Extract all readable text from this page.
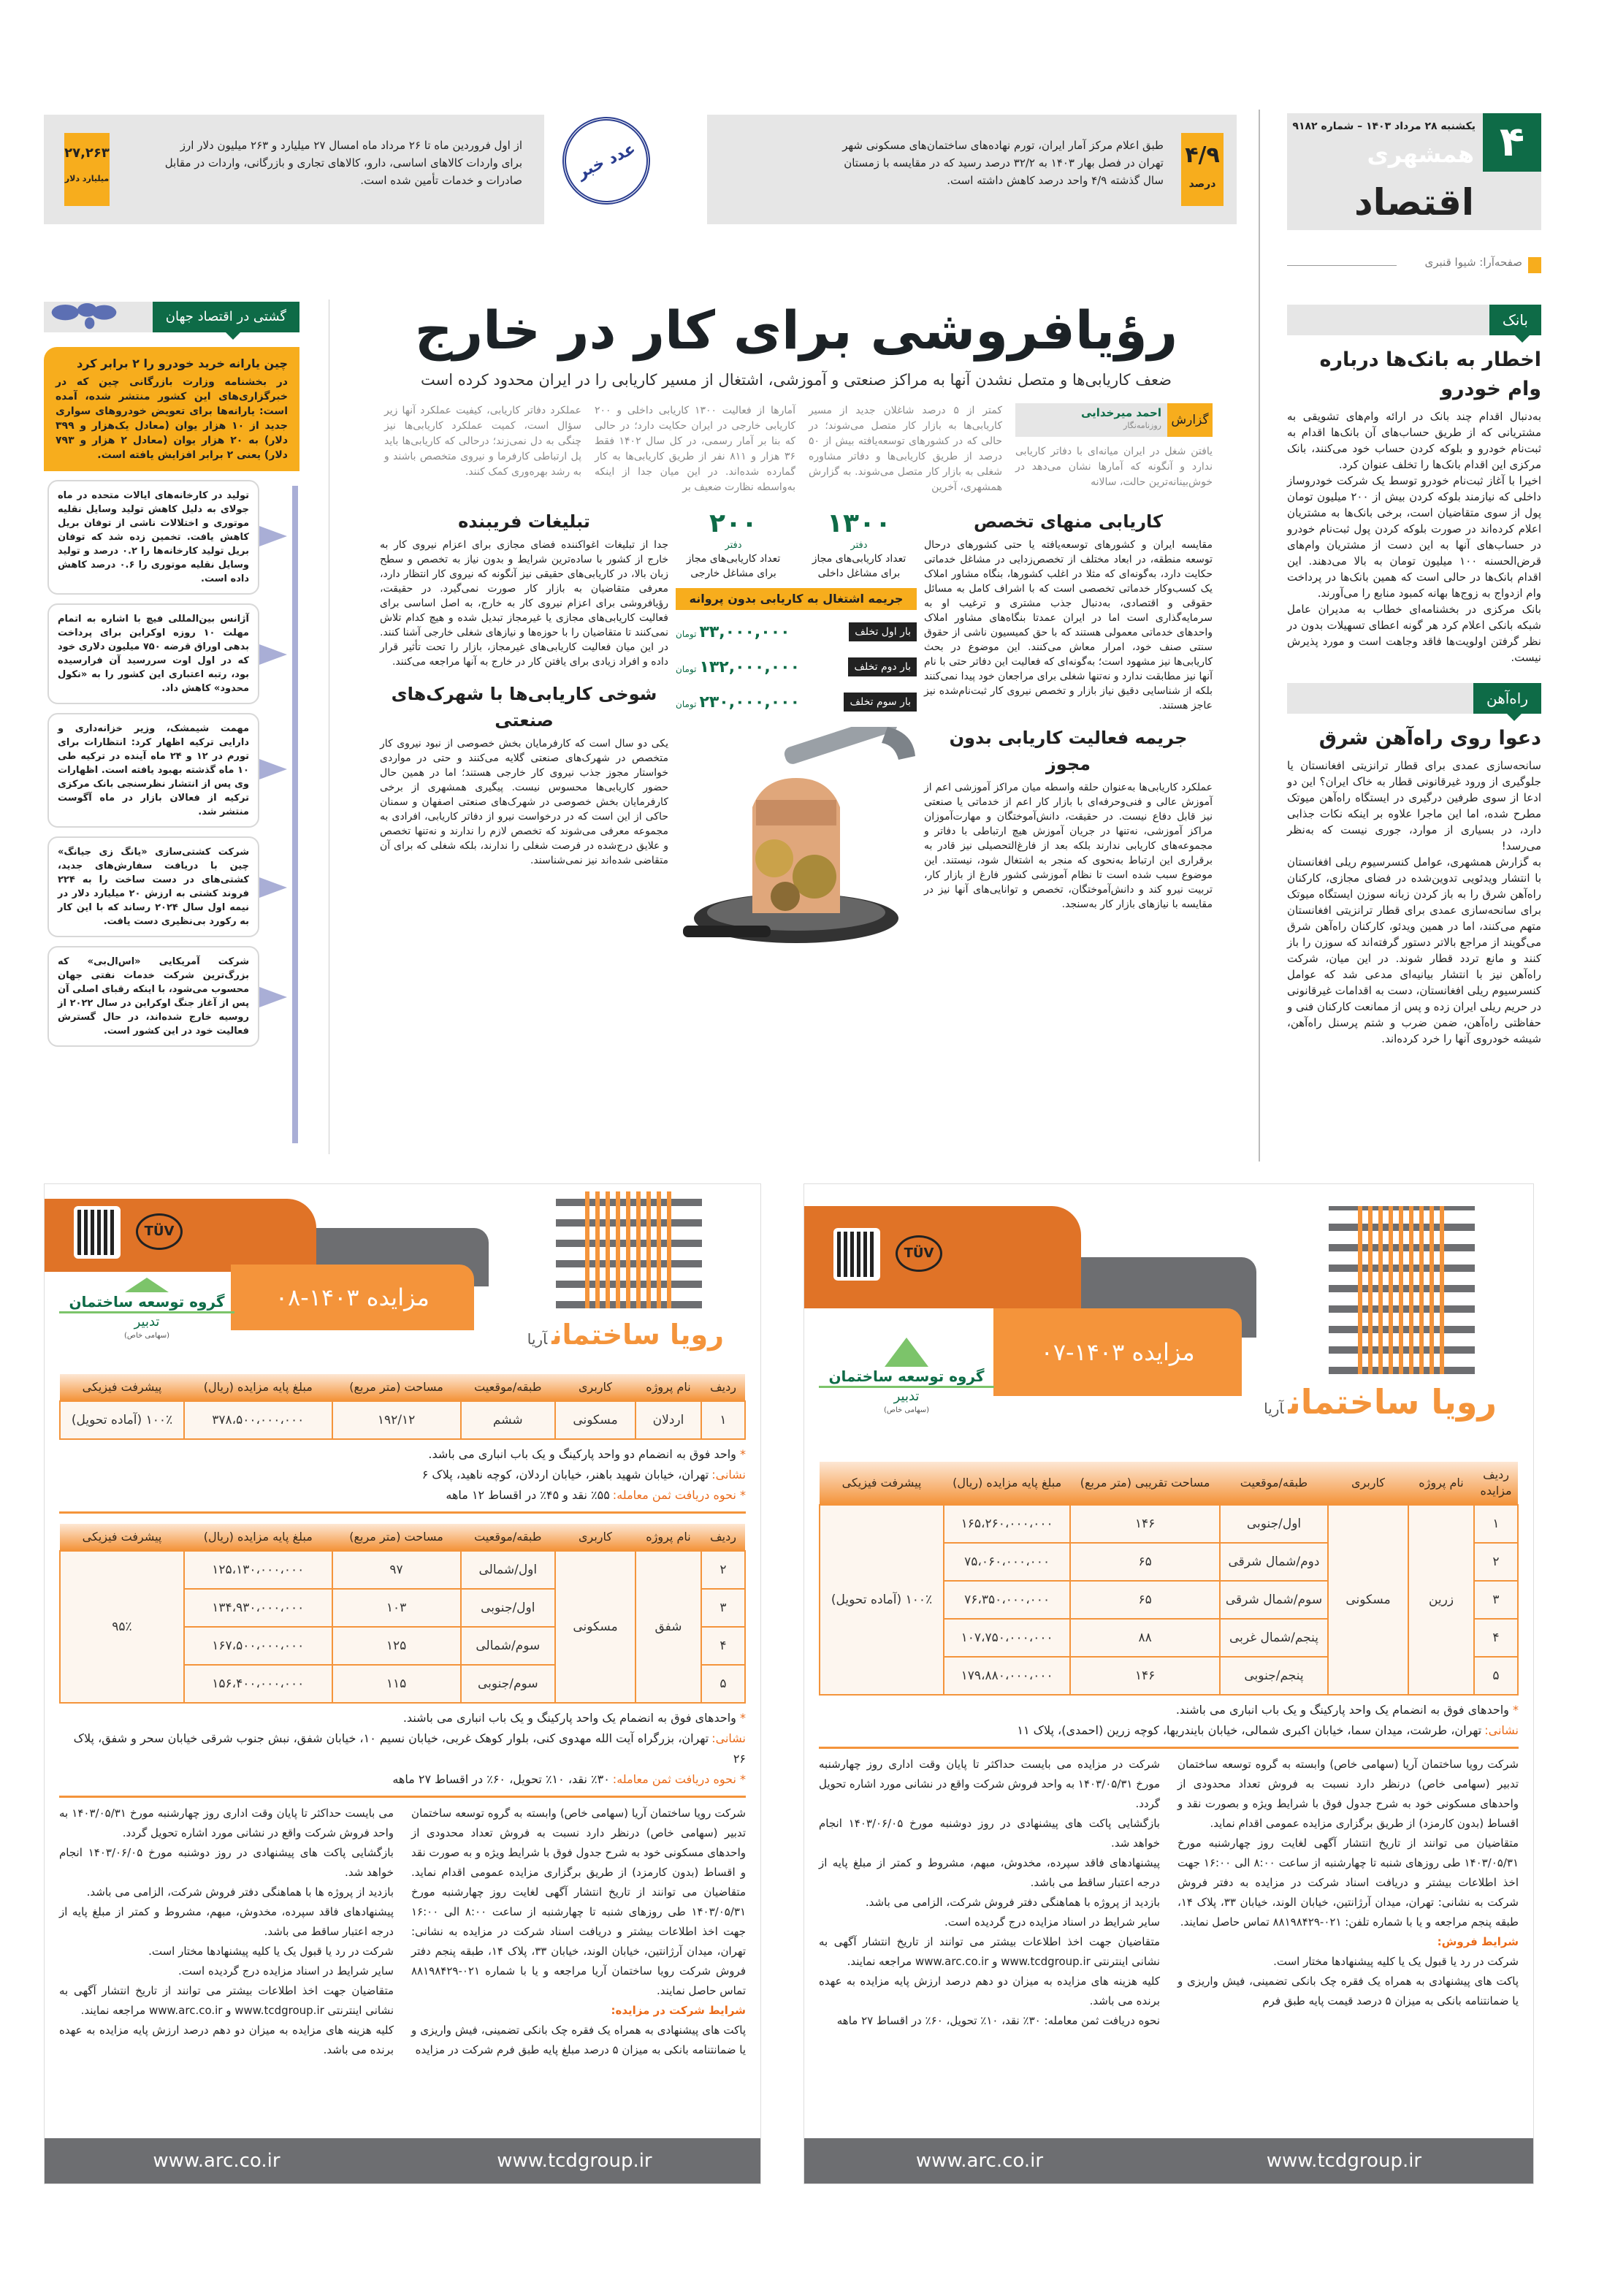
۴
یکشنبه ۲۸ مرداد ۱۴۰۳ – شماره ۹۱۸۲
همشهری
اقتصاد
صفحه‌آرا: شیوا قنبری
۴/۹
درصد
طبق اعلام مرکز آمار ایران، تورم نهاده‌های ساختمان‌های مسکونی شهر تهران در فصل بهار ۱۴۰۳ به ۳۲/۲ درصد رسید که در مقایسه با زمستان سال گذشته ۴/۹ واحد درصد کاهش داشته است.
عدد خبر
۲۷,۲۶۳
میلیارد دلار
از اول فروردین ماه تا ۲۶ مرداد ماه امسال ۲۷ میلیارد و ۲۶۳ میلیون دلار ارز برای واردات کالاهای اساسی، دارو، کالاهای تجاری و بازرگانی، واردات در مقابل صادرات و خدمات تأمین شده است.
بانک
اخطار به بانک‌ها درباره وام خودرو

به‌دنبال اقدام چند بانک در ارائه وام‌های تشویقی به مشتریانی که از طریق حساب‌های آن بانک‌ها اقدام به ثبت‌نام خودرو و بلوکه کردن حساب خود می‌کنند، بانک مرکزی این اقدام بانک‌ها را تخلف عنوان کرد.

اخیرا با آغاز ثبت‌نام خودرو توسط یک شرکت خودروساز داخلی که نیازمند بلوکه کردن بیش از ۲۰۰ میلیون تومان پول از سوی متقاضیان است، برخی بانک‌ها به مشتریان اعلام کرده‌اند در صورت بلوکه کردن پول ثبت‌نام خودرو در حساب‌های آنها به این دست از مشتریان وام‌های قرض‌الحسنه ۱۰۰ میلیون تومان به بالا می‌دهند. این اقدام بانک‌ها در حالی است که همین بانک‌ها در پرداخت وام ازدواج به زوج‌ها بهانه کمبود منابع را می‌آورند.

بانک مرکزی در بخشنامه‌ای خطاب به مدیران عامل شبکه بانکی اعلام کرد هر گونه اعطای تسهیلات بدون در نظر گرفتن اولویت‌ها فاقد وجاهت است و مورد پذیرش نیست.

راه‌آهن
دعوا روی راه‌آهن شرق

سانحه‌سازی عمدی برای قطار ترانزیتی افغانستان یا جلوگیری از ورود غیرقانونی قطار به خاک ایران؟ این دو ادعا از سوی طرفین درگیری در ایستگاه راه‌آهن میوتک مطرح شده، اما این ماجرا علاوه بر اینکه نکات جذابی دارد، در بسیاری از موارد، جوری نیست که به‌نظر می‌رسد!

به گزارش همشهری، عوامل کنسرسیوم ریلی افغانستان با انتشار ویدئویی تدوین‌شده در فضای مجازی، کارکنان راه‌آهن شرق را به باز کردن زبانه سوزن ایستگاه میوتک برای سانحه‌سازی عمدی برای قطار ترانزیتی افغانستان متهم می‌کنند، اما در همین ویدئو، کارکنان راه‌آهن شرق می‌گویند از مراجع بالاتر دستور گرفته‌اند که سوزن را باز کنند و مانع تردد قطار شوند. در این میان، شرکت راه‌آهن نیز با انتشار بیانیه‌ای مدعی شد که عوامل کنسرسیوم ریلی افغانستان، دست به اقدامات غیرقانونی در حریم ریلی ایران زده و پس از ممانعت کارکنان فنی و حفاظتی راه‌آهن، ضمن ضرب و شتم پرسنل راه‌آهن، شیشه خودروی آنها را خرد کرده‌اند.

رؤیافروشی برای کار در خارج
ضعف کاریابی‌ها و متصل نشدن آنها به مراکز صنعتی و آموزشی، اشتغال از مسیر کاریابی را در ایران محدود کرده است
گزارش
احمد میرخدایی
روزنامه‌نگار

یافتن شغل در ایران میانه‌ای با دفاتر کاریابی ندارد و آنگونه که آمارها نشان می‌دهد در خوش‌بینانه‌ترین حالت، سالانه

کمتر از ۵ درصد شاغلان جدید از مسیر کاریابی‌ها به بازار کار متصل می‌شوند؛ در حالی که در کشورهای توسعه‌یافته بیش از ۵۰ درصد از طریق کاریابی‌ها و دفاتر مشاوره شغلی به بازار کار متصل می‌شوند. به گزارش همشهری، آخرین

آمارها از فعالیت ۱۳۰۰ کاریابی داخلی و ۲۰۰ کاریابی خارجی در ایران حکایت دارد؛ در حالی که بنا بر آمار رسمی، در کل سال ۱۴۰۲ فقط ۳۶ هزار و ۸۱۱ نفر از طریق کاریابی‌ها به کار گمارده شده‌اند. در این میان جدا از اینکه به‌واسطه نظارت ضعیف بر

عملکرد دفاتر کاریابی، کیفیت عملکرد آنها زیر سؤال است، کمیت عملکرد کاریابی‌ها نیز چنگی به دل نمی‌زند؛ درحالی که کاریابی‌ها باید پل ارتباطی کارفرما و نیروی متخصص باشند و به رشد بهره‌وری کمک کنند.

کاریابی منهای تخصص

مقایسه ایران و کشورهای توسعه‌یافته یا حتی کشورهای درحال توسعه منطقه، در ابعاد مختلف از تخصص‌زدایی در مشاغل خدماتی حکایت دارد، به‌گونه‌ای که مثلا در اغلب کشورها، بنگاه مشاور املاک یک کسب‌وکار خدماتی تخصصی است که با اشراف کامل به مسائل حقوقی و اقتصادی، به‌دنبال جذب مشتری و ترغیب او به سرمایه‌گذاری است اما در ایران عمدتا بنگاه‌های مشاور املاک واحدهای خدماتی معمولی هستند که با حق کمیسیون ناشی از حقوق سنتی صنف خود، امرار معاش می‌کنند. این موضوع در بحث کاریابی‌ها نیز مشهود است؛ به‌گونه‌ای که فعالیت این دفاتر حتی با نام آنها نیز مطابقت ندارد و نه‌تنها شغلی برای مراجعان خود پیدا نمی‌کنند بلکه از شناسایی دقیق نیاز بازار و تخصص نیروی کار ثبت‌نام‌شده نیز عاجز هستند.

جریمه فعالیت کاریابی بدون مجوز

عملکرد کاریابی‌ها به‌عنوان حلقه واسطه میان مراکز آموزشی اعم از آموزش عالی و فنی‌وحرفه‌ای با بازار کار اعم از خدماتی یا صنعتی نیز قابل دفاع نیست. در حقیقت، دانش‌آموختگان و مهارت‌آموزان مراکز آموزشی، نه‌تنها در جریان آموزش هیچ ارتباطی با دفاتر و مجموعه‌های کاریابی ندارند بلکه بعد از فارغ‌التحصیلی نیز قادر به برقراری این ارتباط به‌نحوی که منجر به اشتغال شود، نیستند. این موضوع سبب شده است تا نظام آموزشی کشور فارغ از بازار کار، تربیت نیرو کند و دانش‌آموختگان، تخصص و توانایی‌های آنها نیز در مقایسه با نیازهای بازار کار به‌سنجد.

۱۳۰۰
دفتر
تعداد کاریابی‌های مجاز برای مشاغل داخلی
۲۰۰
دفتر
تعداد کاریابی‌های مجاز برای مشاغل خارجی
جریمه اشتغال به کاریابی بدون پروانه
بار اول تخلف
۳۳,۰۰۰,۰۰۰تومان
بار دوم تخلف
۱۳۲,۰۰۰,۰۰۰تومان
بار سوم تخلف
۲۳۰,۰۰۰,۰۰۰تومان
تبلیغات فریبنده

جدا از تبلیغات اغواکننده فضای مجازی برای اعزام نیروی کار به خارج از کشور با ساده‌ترین شرایط و بدون نیاز به تخصص و سطح زبان بالا، در کاریابی‌های حقیقی نیز آنگونه که نیروی کار انتظار دارد، معرفی متقاضیان به بازار کار صورت نمی‌گیرد. در حقیقت، رؤیافروشی برای اعزام نیروی کار به خارج، به اصل اساسی برای فعالیت کاریابی‌های مجازی یا غیرمجاز تبدیل شده و هیچ کدام تلاش نمی‌کنند تا متقاضیان را با حوزه‌ها و نیازهای شغلی خارجی آشنا کنند. در این میان فعالیت کاریابی‌های غیرمجاز، بازار را تحت تأثیر قرار داده و افراد زیادی برای یافتن کار در خارج به آنها مراجعه می‌کنند.

شوخی کاریابی‌ها با شهرک‌های صنعتی

یکی دو سال است که کارفرمایان بخش خصوصی از نبود نیروی کار متخصص در شهرک‌های صنعتی گلایه می‌کنند و حتی در مواردی خواستار مجوز جذب نیروی کار خارجی هستند؛ اما در همین حال حضور کاریابی‌ها محسوس نیست. پیگیری همشهری از برخی کارفرمایان بخش خصوصی در شهرک‌های صنعتی اصفهان و سمنان حاکی از این است که در درخواست نیرو از دفاتر کاریابی، افرادی به مجموعه معرفی می‌شوند که تخصص لازم را ندارند و نه‌تنها تخصص و علایق درج‌شده در فرصت شغلی را ندارند، بلکه شغلی که برای آن متقاضی شده‌اند نیز نمی‌شناسند.

گشتی در اقتصاد جهان
چین یارانه خرید خودرو را ۲ برابر کرد
در بخشنامه وزارت بازرگانی چین که در خبرگزاری‌های این کشور منتشر شده، آمده است: یارانه‌ها برای تعویض خودروهای سواری جدید از ۱۰ هزار یوان (معادل یک‌هزار و ۳۹۹ دلار) به ۲۰ هزار یوان (معادل ۲ هزار و ۷۹۳ دلار) یعنی ۲ برابر افزایش یافته است.
تولید در کارخانه‌های ایالات متحده در ماه جولای به دلیل کاهش تولید وسایل نقلیه موتوری و اختلالات ناشی از توفان بریل کاهش یافت. تخمین زده شد که توفان بریل تولید کارخانه‌ها را ۰.۲ درصد و تولید وسایل نقلیه موتوری را ۰.۶ درصد کاهش داده است.
آژانس بین‌المللی فیچ با اشاره به اتمام مهلت ۱۰ روزه اوکراین برای پرداخت بدهی اوراق قرضه ۷۵۰ میلیون دلاری خود که در اول اوت سررسید آن فرارسیده بود، رتبه اعتباری این کشور را به «نکول محدود» کاهش داد.
مهمت شیمشک، وزیر خزانه‌داری و دارایی ترکیه اظهار کرد: انتظارات برای تورم در ۱۲ و ۲۴ ماه آینده در ترکیه طی ۱۰ ماه گذشته بهبود یافته است. اظهارات وی پس از انتشار نظرسنجی بانک مرکزی ترکیه از فعالان بازار در ماه آگوست منتشر شد.
شرکت کشتی‌سازی «یانگ زی جیانگ» چین با دریافت سفارش‌های جدید، کشتی‌های در دست ساخت را به ۲۲۴ فروند کشتی به ارزش ۲۰ میلیارد دلار در نیمه اول سال ۲۰۲۴ رساند که با این کار به رکورد بی‌نظیری دست یافت.
شرکت آمریکایی «اس‌ال‌بی» که بزرگ‌ترین شرکت خدمات نفتی جهان محسوب می‌شود، با اینکه رقبای اصلی آن پس از آغاز جنگ اوکراین در سال ۲۰۲۲ از روسیه خارج شده‌اند، در حال گسترش فعالیت خود در این کشور است.
مزایده ۱۴۰۳-۰۷
TÜV
گروه توسعه ساختمان
تدبیر
(سهامی خاص)	رویا ساختمانآریا
ردیف مزایده	نام پروژه	کاربری	طبقه/موقعیت	مساحت تقریبی (متر مربع)	مبلغ پایه مزایده (ریال)	پیشرفت فیزیکی
۱	زرین	مسکونی	اول/جنوبی	۱۴۶	۱۶۵،۲۶۰،۰۰۰،۰۰۰	۱۰۰٪ (آماده تحویل)
۲			دوم/شمال شرقی	۶۵	۷۵،۰۶۰،۰۰۰،۰۰۰	
۳			سوم/شمال شرقی	۶۵	۷۶،۳۵۰،۰۰۰،۰۰۰	
۴			پنجم/شمال غربی	۸۸	۱۰۷،۷۵۰،۰۰۰،۰۰۰	
۵			پنجم/جنوبی	۱۴۶	۱۷۹،۸۸۰،۰۰۰،۰۰۰	
* واحدهای فوق به انضمام یک واحد پارکینگ و یک باب انباری می باشند.
نشانی:تهران، طرشت، میدان سما، خیابان اکبری شمالی، خیابان بایندریها، کوچه زرین (احمدی)، پلاک ۱۱

شرکت رویا ساختمان آریا (سهامی خاص) وابسته به گروه توسعه ساختمان تدبیر (سهامی خاص) درنظر دارد نسبت به فروش تعداد محدودی از واحدهای مسکونی خود به شرح جدول فوق با شرایط ویژه و بصورت نقد و اقساط (بدون کارمزد) از طریق برگزاری مزایده عمومی اقدام نماید.

متقاضیان می توانند از تاریخ انتشار آگهی لغایت روز چهارشنبه مورخ ۱۴۰۳/۰۵/۳۱ طی روزهای شنبه تا چهارشنبه از ساعت ۸:۰۰ الی ۱۶:۰۰ جهت اخذ اطلاعات بیشتر و دریافت اسناد شرکت در مزایده به دفتر فروش شرکت به نشانی: تهران، میدان آرژانتین، خیابان الوند، خیابان ۳۳، پلاک ۱۴، طبقه پنجم مراجعه و یا با شماره تلفن: ۰۲۱-۸۸۱۹۸۴۲۹ تماس حاصل نمایند.

شرایط فروش:

شرکت در رد یا قبول یک یا کلیه پیشنهادها مختار است.

پاکت های پیشنهادی به همراه یک فقره چک بانکی تضمینی، فیش واریزی و یا ضمانتنامه بانکی به میزان ۵ درصد قیمت پایه طبق فرم

شرکت در مزایده می بایست حداکثر تا پایان وقت اداری روز چهارشنبه مورخ ۱۴۰۳/۰۵/۳۱ به واحد فروش شرکت واقع در نشانی مورد اشاره تحویل گردد.

بازگشایی پاکت های پیشنهادی در روز دوشنبه مورخ ۱۴۰۳/۰۶/۰۵ انجام خواهد شد.

پیشنهادهای فاقد سپرده، مخدوش، مبهم، مشروط و کمتر از مبلغ پایه از درجه اعتبار ساقط می باشد.

بازدید از پروژه با هماهنگی دفتر فروش شرکت، الزامی می باشد.

سایر شرایط در اسناد مزایده درج گردیده است.

متقاضیان جهت اخذ اطلاعات بیشتر می توانند از تاریخ انتشار آگهی به نشانی اینترنتی www.tcdgroup.ir و www.arc.co.ir مراجعه نمایند.

کلیه هزینه های مزایده به میزان دو دهم درصد ارزش پایه مزایده به عهده برنده می باشد.

نحوه دریافت ثمن معامله: ۳۰٪ نقد، ۱۰٪ تحویل، ۶۰٪ در اقساط ۲۷ ماهه

www.arc.co.ir	www.tcdgroup.ir
مزایده ۱۴۰۳-۰۸
TÜV
گروه توسعه ساختمان
تدبیر
(سهامی خاص)	رویا ساختمانآریا
ردیف	نام پروژه	کاربری	طبقه/موقعیت	مساحت (متر مربع)	مبلغ پایه مزایده (ریال)	پیشرفت فیزیکی
۱	اردلان	مسکونی	ششم	۱۹۲/۱۲	۳۷۸،۵۰۰،۰۰۰،۰۰۰	۱۰۰٪ (آماده تحویل)
* واحد فوق به انضمام دو واحد پارکینگ و یک باب انباری می باشد.
نشانی:تهران، خیابان شهید باهنر، خیابان اردلان، کوچه ناهید، پلاک ۶
* نحوه دریافت ثمن معامله:۵۵٪ نقد و ۴۵٪ در اقساط ۱۲ ماهه
ردیف	نام پروژه	کاربری	طبقه/موقعیت	مساحت (متر مربع)	مبلغ پایه مزایده (ریال)	پیشرفت فیزیکی
۲	شفق	مسکونی	اول/شمالی	۹۷	۱۲۵،۱۳۰،۰۰۰،۰۰۰	۹۵٪
۳			اول/جنوبی	۱۰۳	۱۳۴،۹۳۰،۰۰۰،۰۰۰	
۴			سوم/شمالی	۱۲۵	۱۶۷،۵۰۰،۰۰۰،۰۰۰	
۵			سوم/جنوبی	۱۱۵	۱۵۶،۴۰۰،۰۰۰،۰۰۰	
* واحدهای فوق به انضمام یک واحد پارکینگ و یک باب انباری می باشند.
نشانی:تهران، بزرگراه آیت الله مهدوی کنی، بلوار کوهک غربی، خیابان نسیم ۱۰، خیابان شفق، نبش جنوب شرقی خیابان سحر و شفق، پلاک ۲۶
* نحوه دریافت ثمن معامله:۳۰٪ نقد، ۱۰٪ تحویل، ۶۰٪ در اقساط ۲۷ ماهه

شرکت رویا ساختمان آریا (سهامی خاص) وابسته به گروه توسعه ساختمان تدبیر (سهامی خاص) درنظر دارد نسبت به فروش تعداد محدودی از واحدهای مسکونی خود به شرح جدول فوق با شرایط ویژه و به صورت نقد و اقساط (بدون کارمزد) از طریق برگزاری مزایده عمومی اقدام نماید. متقاضیان می توانند از تاریخ انتشار آگهی لغایت روز چهارشنبه مورخ ۱۴۰۳/۰۵/۳۱ طی روزهای شنبه تا چهارشنبه از ساعت ۸:۰۰ الی ۱۶:۰۰ جهت اخذ اطلاعات بیشتر و دریافت اسناد شرکت در مزایده به نشانی: تهران، میدان آرژانتین، خیابان الوند، خیابان ۳۳، پلاک ۱۴، طبقه پنجم دفتر فروش شرکت رویا ساختمان آریا مراجعه و یا با شماره ۰۲۱-۸۸۱۹۸۴۲۹ تماس حاصل نمایند.

شرایط شرکت در مزایده:

پاکت های پیشنهادی به همراه یک فقره چک بانکی تضمینی، فیش واریزی و یا ضمانتنامه بانکی به میزان ۵ درصد مبلغ پایه طبق فرم شرکت در مزایده

می بایست حداکثر تا پایان وقت اداری روز چهارشنبه مورخ ۱۴۰۳/۰۵/۳۱ به واحد فروش شرکت واقع در نشانی مورد اشاره تحویل گردد.

بازگشایی پاکت های پیشنهادی در روز دوشنبه مورخ ۱۴۰۳/۰۶/۰۵ انجام خواهد شد.

بازدید از پروژه ها با هماهنگی دفتر فروش شرکت، الزامی می باشد.

پیشنهادهای فاقد سپرده، مخدوش، مبهم، مشروط و کمتر از مبلغ پایه از درجه اعتبار ساقط می باشد.

شرکت در رد یا قبول یک یا کلیه پیشنهادها مختار است.

سایر شرایط در اسناد مزایده درج گردیده است.

متقاضیان جهت اخذ اطلاعات بیشتر می توانند از تاریخ انتشار آگهی به نشانی اینترنتی www.tcdgroup.ir و www.arc.co.ir مراجعه نمایند.

کلیه هزینه های مزایده به میزان دو دهم درصد ارزش پایه مزایده به عهده برنده می باشد.

www.arc.co.ir	www.tcdgroup.ir
